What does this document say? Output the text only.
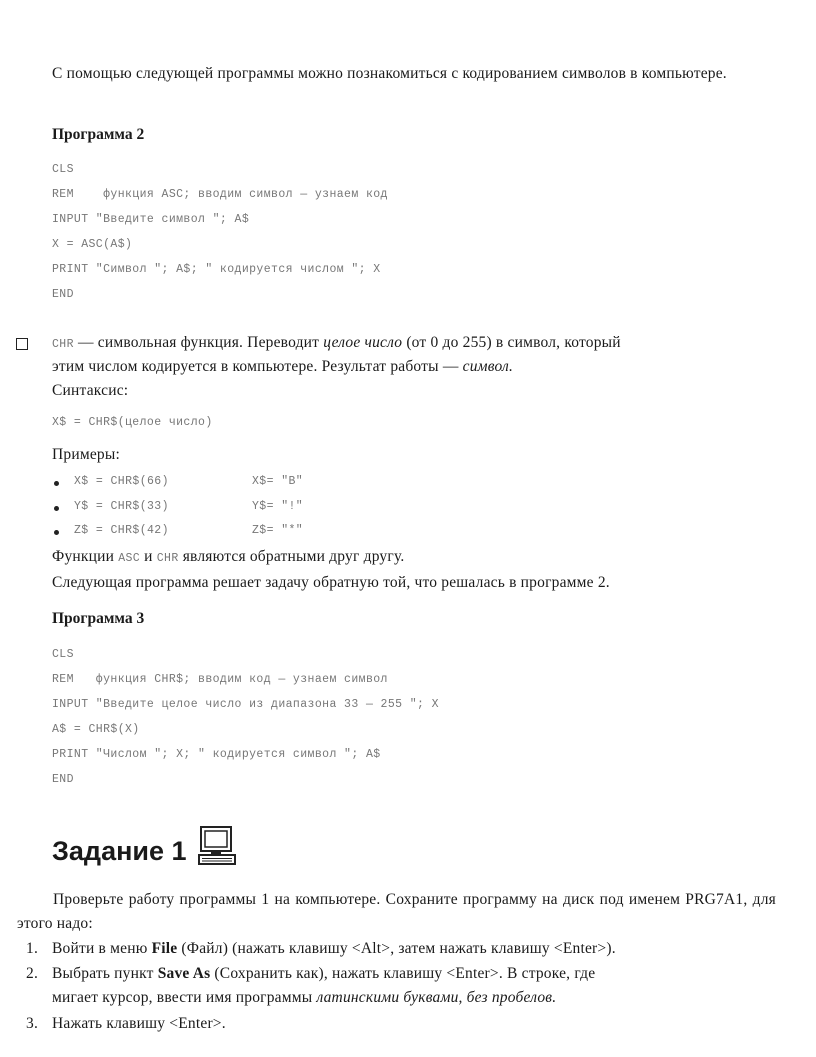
С помощью следующей программы можно познакомиться с кодированием символов в компьютере.
Программа 2
CLS
REM    функция ASC; вводим символ — узнаем код
INPUT "Введите символ "; A$
X = ASC(A$)
PRINT "Символ "; A$; " кодируется числом "; X
END
CHR — символьная функция. Переводит целое число (от 0 до 255) в символ, который
этим числом кодируется в компьютере. Результат работы — символ.
Синтаксис:
X$ = CHR$(целое число)
Примеры:
X$ = CHR$(66)	X$= "B"
Y$ = CHR$(33)	Y$= "!"
Z$ = CHR$(42)	Z$= "*"
Функции ASC и CHR являются обратными друг другу.
Следующая программа решает задачу обратную той, что решалась в программе 2.
Программа 3
CLS
REM   функция CHR$; вводим код — узнаем символ
INPUT "Введите целое число из диапазона 33 — 255 "; X
A$ = CHR$(X)
PRINT "Числом "; X; " кодируется символ "; A$
END
Задание 1
Проверьте работу программы 1 на компьютере. Сохраните программу на диск под именем PRG7A1, для этого надо:
1. Войти в меню File (Файл) (нажать клавишу <Alt>, затем нажать клавишу <Enter>).
2. Выбрать пункт Save As (Сохранить как), нажать клавишу <Enter>. В строке, где
мигает курсор, ввести имя программы латинскими буквами, без пробелов.
3. Нажать клавишу <Enter>.
